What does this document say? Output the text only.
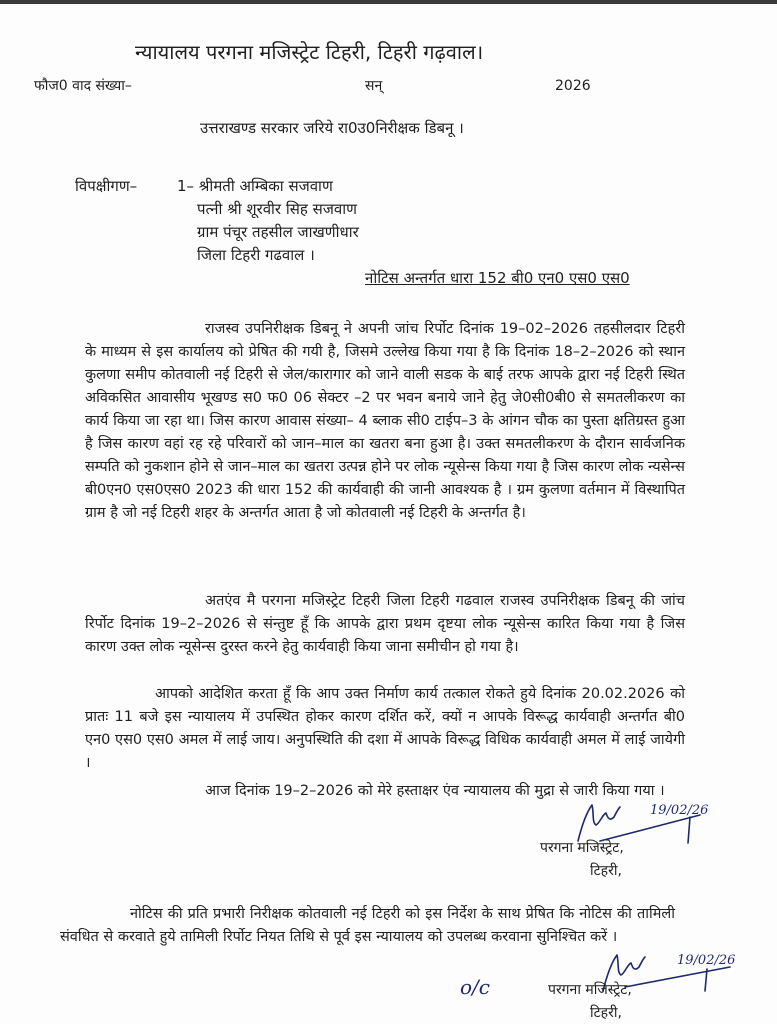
न्यायालय परगना मजिस्ट्रेट टिहरी, टिहरी गढ़वाल।
फौज0 वाद संख्या–	सन्	2026
उत्तराखण्ड सरकार जरिये रा0उ0निरीक्षक डिबनू ।
विपक्षीगण–	1– श्रीमती अम्बिका सजवाण
पत्नी श्री शूरवीर सिह सजवाण
ग्राम पंचूर तहसील जाखणीधार
जिला टिहरी गढवाल ।
नोटिस अन्तर्गत धारा 152 बी0 एन0 एस0 एस0

राजस्व उपनिरीक्षक डिबनू ने अपनी जांच रिर्पोट दिनांक 19–02–2026 तहसीलदार टिहरी के माध्यम से इस कार्यालय को प्रेषित की गयी है, जिसमे उल्लेख किया गया है कि दिनांक 18–2–2026 को स्थान कुलणा समीप कोतवाली नई टिहरी से जेल/कारागार को जाने वाली सडक के बाई तरफ आपके द्वारा नई टिहरी स्थित अविकसित आवासीय भूखण्ड स0 फ0 06 सेक्टर –2 पर भवन बनाये जाने हेतु जे0सी0बी0 से समतलीकरण का कार्य किया जा रहा था। जिस कारण आवास संख्या– 4 ब्लाक सी0 टाईप–3 के आंगन चौक का पुस्ता क्षतिग्रस्त हुआ है जिस कारण वहां रह रहे परिवारों को जान–माल का खतरा बना हुआ है। उक्त समतलीकरण के दौरान सार्वजनिक सम्पति को नुकशान होने से जान–माल का खतरा उत्पन्न होने पर लोक न्यूसेन्स किया गया है जिस कारण लोक न्यसेन्स बी0एन0 एस0एस0 2023 की धारा 152 की कार्यवाही की जानी आवश्यक है । ग्रम कुलणा वर्तमान में विस्थापित ग्राम है जो नई टिहरी शहर के अन्तर्गत आता है जो कोतवाली नई टिहरी के अन्तर्गत है।

अतएंव मै परगना मजिस्ट्रेट टिहरी जिला टिहरी गढवाल राजस्व उपनिरीक्षक डिबनू की जांच रिर्पोट दिनांक 19–2–2026 से संन्तुष्ट हूँ कि आपके द्वारा प्रथम दृष्टया लोक न्यूसेन्स कारित किया गया है जिस कारण उक्त लोक न्यूसेन्स दुरस्त करने हेतु कार्यवाही किया जाना समीचीन हो गया है।

आपको आदेशित करता हूँ कि आप उक्त निर्माण कार्य तत्काल रोकते हुये दिनांक 20.02.2026 को प्रातः 11 बजे इस न्यायालय में उपस्थित होकर कारण दर्शित करें, क्यों न आपके विरूद्ध कार्यवाही अन्तर्गत बी0 एन0 एस0 एस0 अमल में लाई जाय। अनुपस्थिति की दशा में आपके विरूद्ध विधिक कार्यवाही अमल में लाई जायेगी ।

आज दिनांक 19–2–2026 को मेरे हस्ताक्षर एंव न्यायालय की मुद्रा से जारी किया गया ।

19/02/26
परगना मजिस्ट्रेट,
टिहरी,

नोटिस की प्रति प्रभारी निरीक्षक कोतवाली नई टिहरी को इस निर्देश के साथ प्रेषित कि नोटिस की तामिली संवधित से करवाते हुये तामिली रिर्पोट नियत तिथि से पूर्व इस न्यायालय को उपलब्ध करवाना सुनिश्चित करें ।

o/c
19/02/26
परगना मजिस्ट्रेट,
टिहरी,
